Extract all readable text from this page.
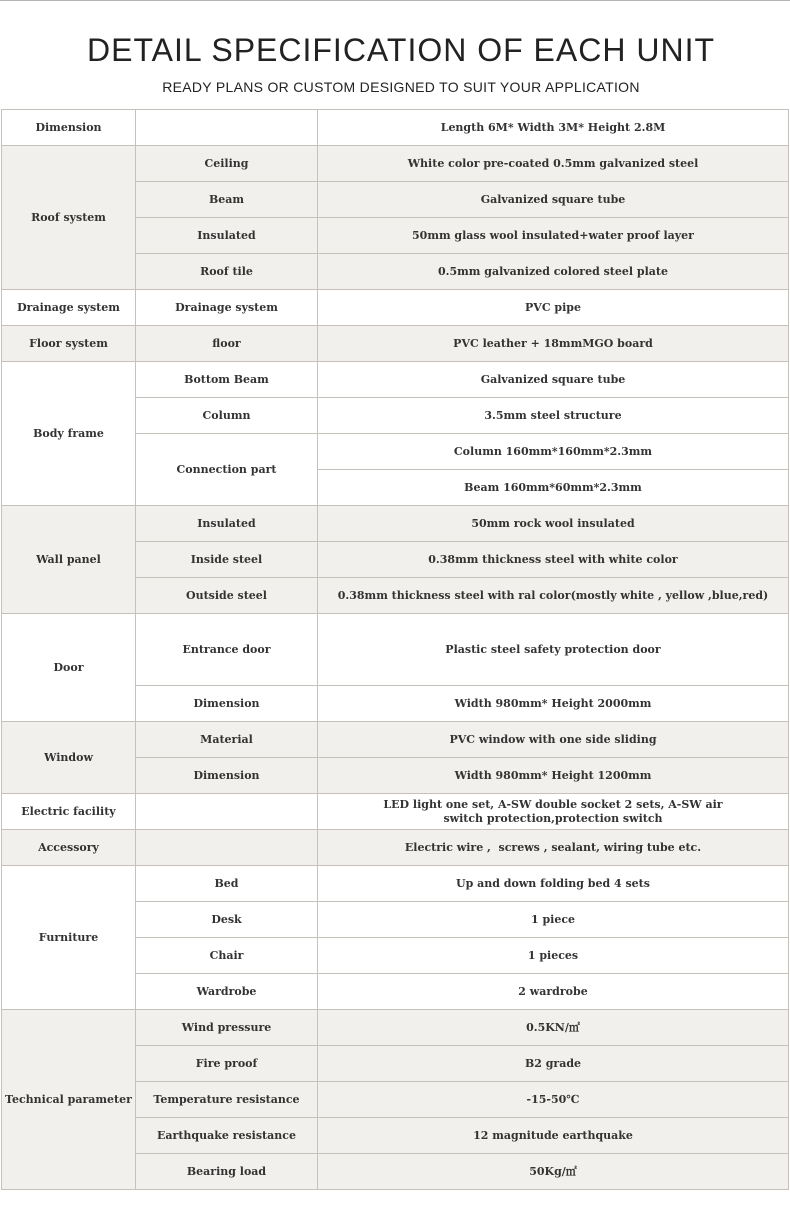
DETAIL SPECIFICATION OF EACH UNIT
READY PLANS OR CUSTOM DESIGNED TO SUIT YOUR APPLICATION
Dimension		Length 6M* Width 3M* Height 2.8M
Roof system	Ceiling	White color pre-coated 0.5mm galvanized steel
	Beam	Galvanized square tube
	Insulated	50mm glass wool insulated+water proof layer
	Roof tile	0.5mm galvanized colored steel plate
Drainage system	Drainage system	PVC pipe
Floor system	floor	PVC leather + 18mmMGO board
Body frame	Bottom Beam	Galvanized square tube
	Column	3.5mm steel structure
	Connection part	Column 160mm*160mm*2.3mm
		Beam 160mm*60mm*2.3mm
Wall panel	Insulated	50mm rock wool insulated
	Inside steel	0.38mm thickness steel with white color
	Outside steel	0.38mm thickness steel with ral color(mostly white , yellow ,blue,red)
Door	Entrance door	Plastic steel safety protection door
	Dimension	Width 980mm* Height 2000mm
Window	Material	PVC window with one side sliding
	Dimension	Width 980mm* Height 1200mm
Electric facility		LED light one set, A-SW double socket 2 sets, A-SW air switch protection,protection switch
Accessory		Electric wire ,  screws , sealant, wiring tube etc.
Furniture	Bed	Up and down folding bed 4 sets
	Desk	1 piece
	Chair	1 pieces
	Wardrobe	2 wardrobe
Technical parameter	Wind pressure	0.5KN/㎡
	Fire proof	B2 grade
	Temperature resistance	-15-50℃
	Earthquake resistance	12 magnitude earthquake
	Bearing load	50Kg/㎡
